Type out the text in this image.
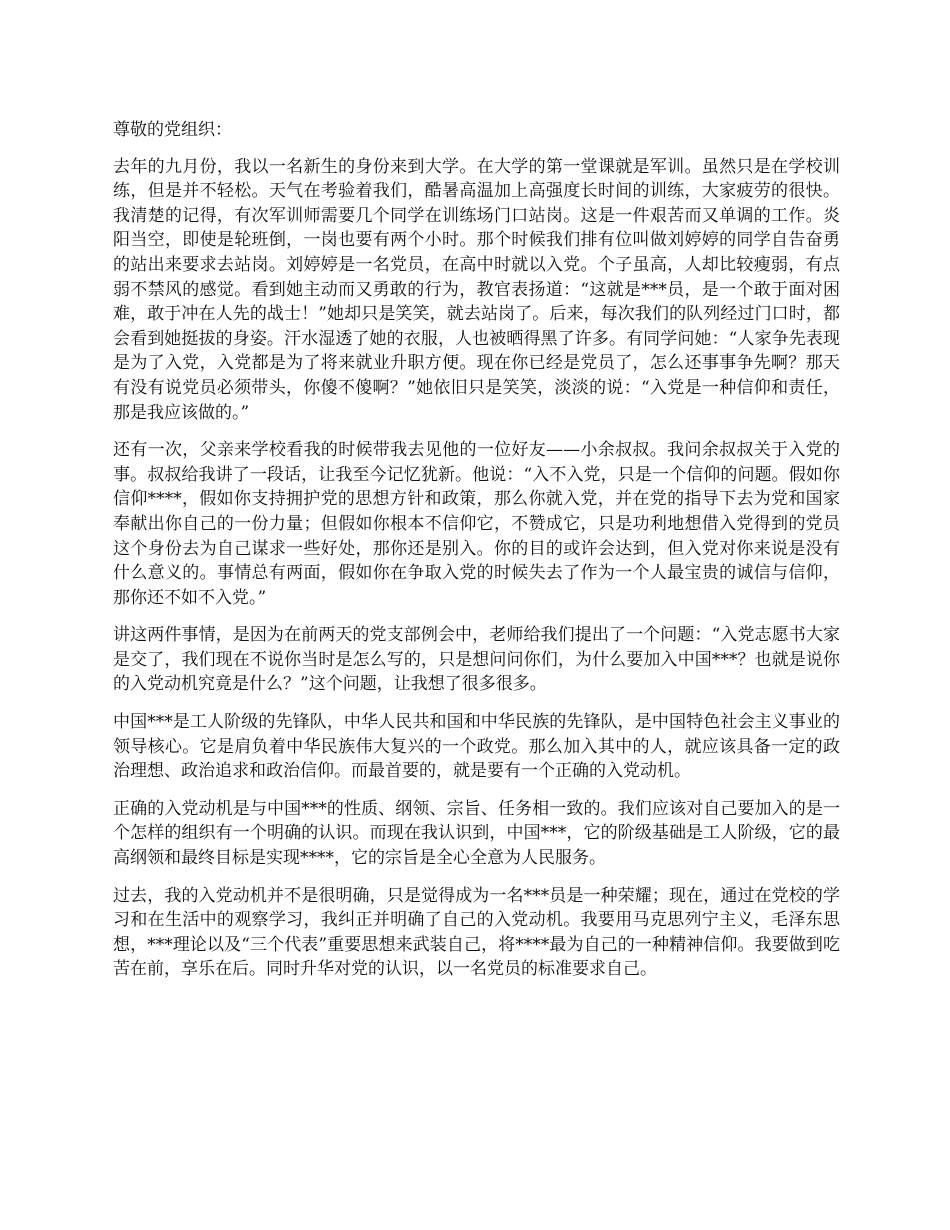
尊敬的党组织：

去年的九月份，我以一名新生的身份来到大学。在大学的第一堂课就是军训。虽然只是在学校训练，但是并不轻松。天气在考验着我们，酷暑高温加上高强度长时间的训练，大家疲劳的很快。我清楚的记得，有次军训师需要几个同学在训练场门口站岗。这是一件艰苦而又单调的工作。炎阳当空，即使是轮班倒，一岗也要有两个小时。那个时候我们排有位叫做刘婷婷的同学自告奋勇的站出来要求去站岗。刘婷婷是一名党员，在高中时就以入党。个子虽高，人却比较瘦弱，有点弱不禁风的感觉。看到她主动而又勇敢的行为，教官表扬道：“这就是***员，是一个敢于面对困难，敢于冲在人先的战士！”她却只是笑笑，就去站岗了。后来，每次我们的队列经过门口时，都会看到她挺拔的身姿。汗水湿透了她的衣服，人也被晒得黑了许多。有同学问她：“人家争先表现是为了入党，入党都是为了将来就业升职方便。现在你已经是党员了，怎么还事事争先啊？那天有没有说党员必须带头，你傻不傻啊？”她依旧只是笑笑，淡淡的说：“入党是一种信仰和责任，那是我应该做的。”

还有一次，父亲来学校看我的时候带我去见他的一位好友——小余叔叔。我问余叔叔关于入党的事。叔叔给我讲了一段话，让我至今记忆犹新。他说：“入不入党，只是一个信仰的问题。假如你信仰****，假如你支持拥护党的思想方针和政策，那么你就入党，并在党的指导下去为党和国家奉献出你自己的一份力量；但假如你根本不信仰它，不赞成它，只是功利地想借入党得到的党员这个身份去为自己谋求一些好处，那你还是别入。你的目的或许会达到，但入党对你来说是没有什么意义的。事情总有两面，假如你在争取入党的时候失去了作为一个人最宝贵的诚信与信仰，那你还不如不入党。”

讲这两件事情，是因为在前两天的党支部例会中，老师给我们提出了一个问题：“入党志愿书大家是交了，我们现在不说你当时是怎么写的，只是想问问你们，为什么要加入中国***？也就是说你的入党动机究竟是什么？”这个问题，让我想了很多很多。

中国***是工人阶级的先锋队，中华人民共和国和中华民族的先锋队，是中国特色社会主义事业的领导核心。它是肩负着中华民族伟大复兴的一个政党。那么加入其中的人，就应该具备一定的政治理想、政治追求和政治信仰。而最首要的，就是要有一个正确的入党动机。

正确的入党动机是与中国***的性质、纲领、宗旨、任务相一致的。我们应该对自己要加入的是一个怎样的组织有一个明确的认识。而现在我认识到，中国***，它的阶级基础是工人阶级，它的最高纲领和最终目标是实现****，它的宗旨是全心全意为人民服务。

过去，我的入党动机并不是很明确，只是觉得成为一名***员是一种荣耀；现在，通过在党校的学习和在生活中的观察学习，我纠正并明确了自己的入党动机。我要用马克思列宁主义，毛泽东思想，***理论以及“三个代表”重要思想来武装自己，将****最为自己的一种精神信仰。我要做到吃苦在前，享乐在后。同时升华对党的认识，以一名党员的标准要求自己。
